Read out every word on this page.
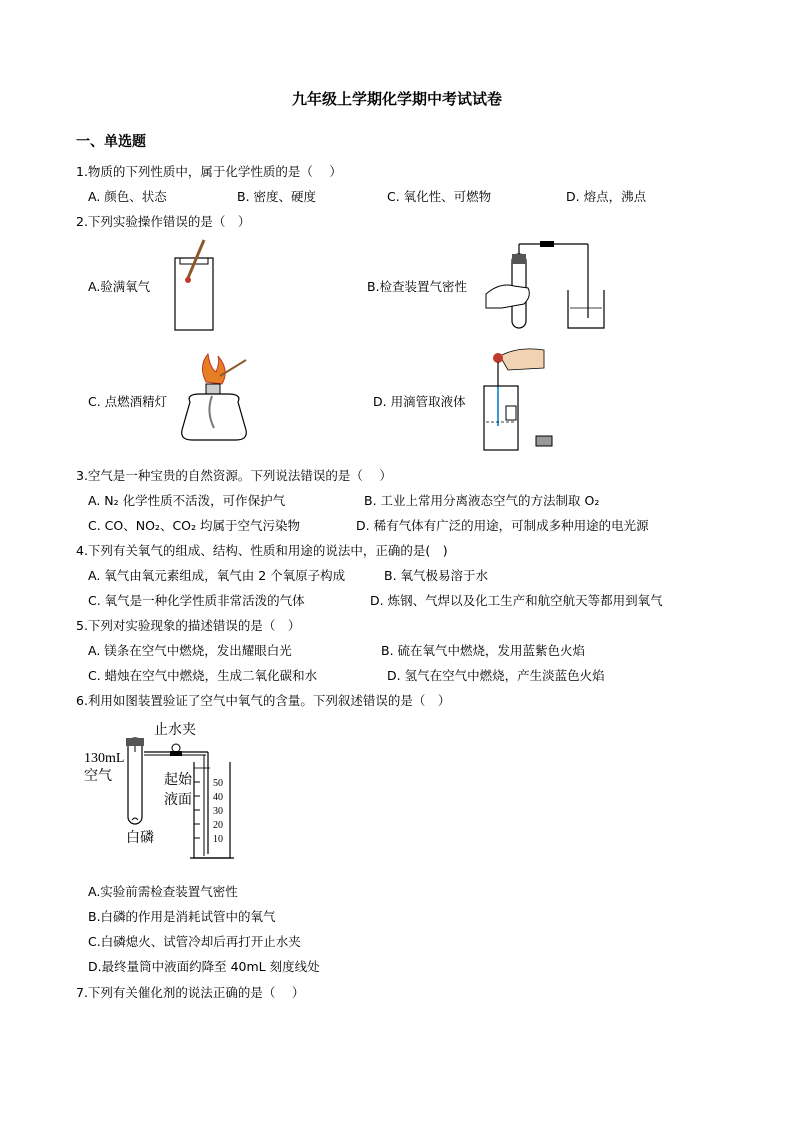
九年级上学期化学期中考试试卷
一、单选题
1.物质的下列性质中，属于化学性质的是（　 ）
A. 颜色、状态	B. 密度、硬度	C. 氧化性、可燃物	D. 熔点，沸点
2.下列实验操作错误的是（　）
A.验满氧气	B.检查装置气密性
C. 点燃酒精灯	D. 用滴管取液体
3.空气是一种宝贵的自然资源。下列说法错误的是（　 ）
A. N₂ 化学性质不活泼，可作保护气	B. 工业上常用分离液态空气的方法制取 O₂
C. CO、NO₂、CO₂ 均属于空气污染物	D. 稀有气体有广泛的用途，可制成多种用途的电光源
4.下列有关氧气的组成、结构、性质和用途的说法中，正确的是(　)
A. 氧气由氧元素组成，氧气由 2 个氧原子构成	B. 氧气极易溶于水
C. 氧气是一种化学性质非常活泼的气体	D. 炼钢、气焊以及化工生产和航空航天等都用到氧气
5.下列对实验现象的描述错误的是（　）
A. 镁条在空气中燃烧，发出耀眼白光	B. 硫在氧气中燃烧，发用蓝紫色火焰
C. 蜡烛在空气中燃烧，生成二氧化碳和水	D. 氢气在空气中燃烧，产生淡蓝色火焰
6.利用如图装置验证了空气中氧气的含量。下列叙述错误的是（　）
止水夹
130mL
空气	起始
液面
白磷
50
40
30
20
10
A.实验前需检查装置气密性
B.白磷的作用是消耗试管中的氧气
C.白磷熄火、试管冷却后再打开止水夹
D.最终量筒中液面约降至 40mL 刻度线处
7.下列有关催化剂的说法正确的是（　 ）
